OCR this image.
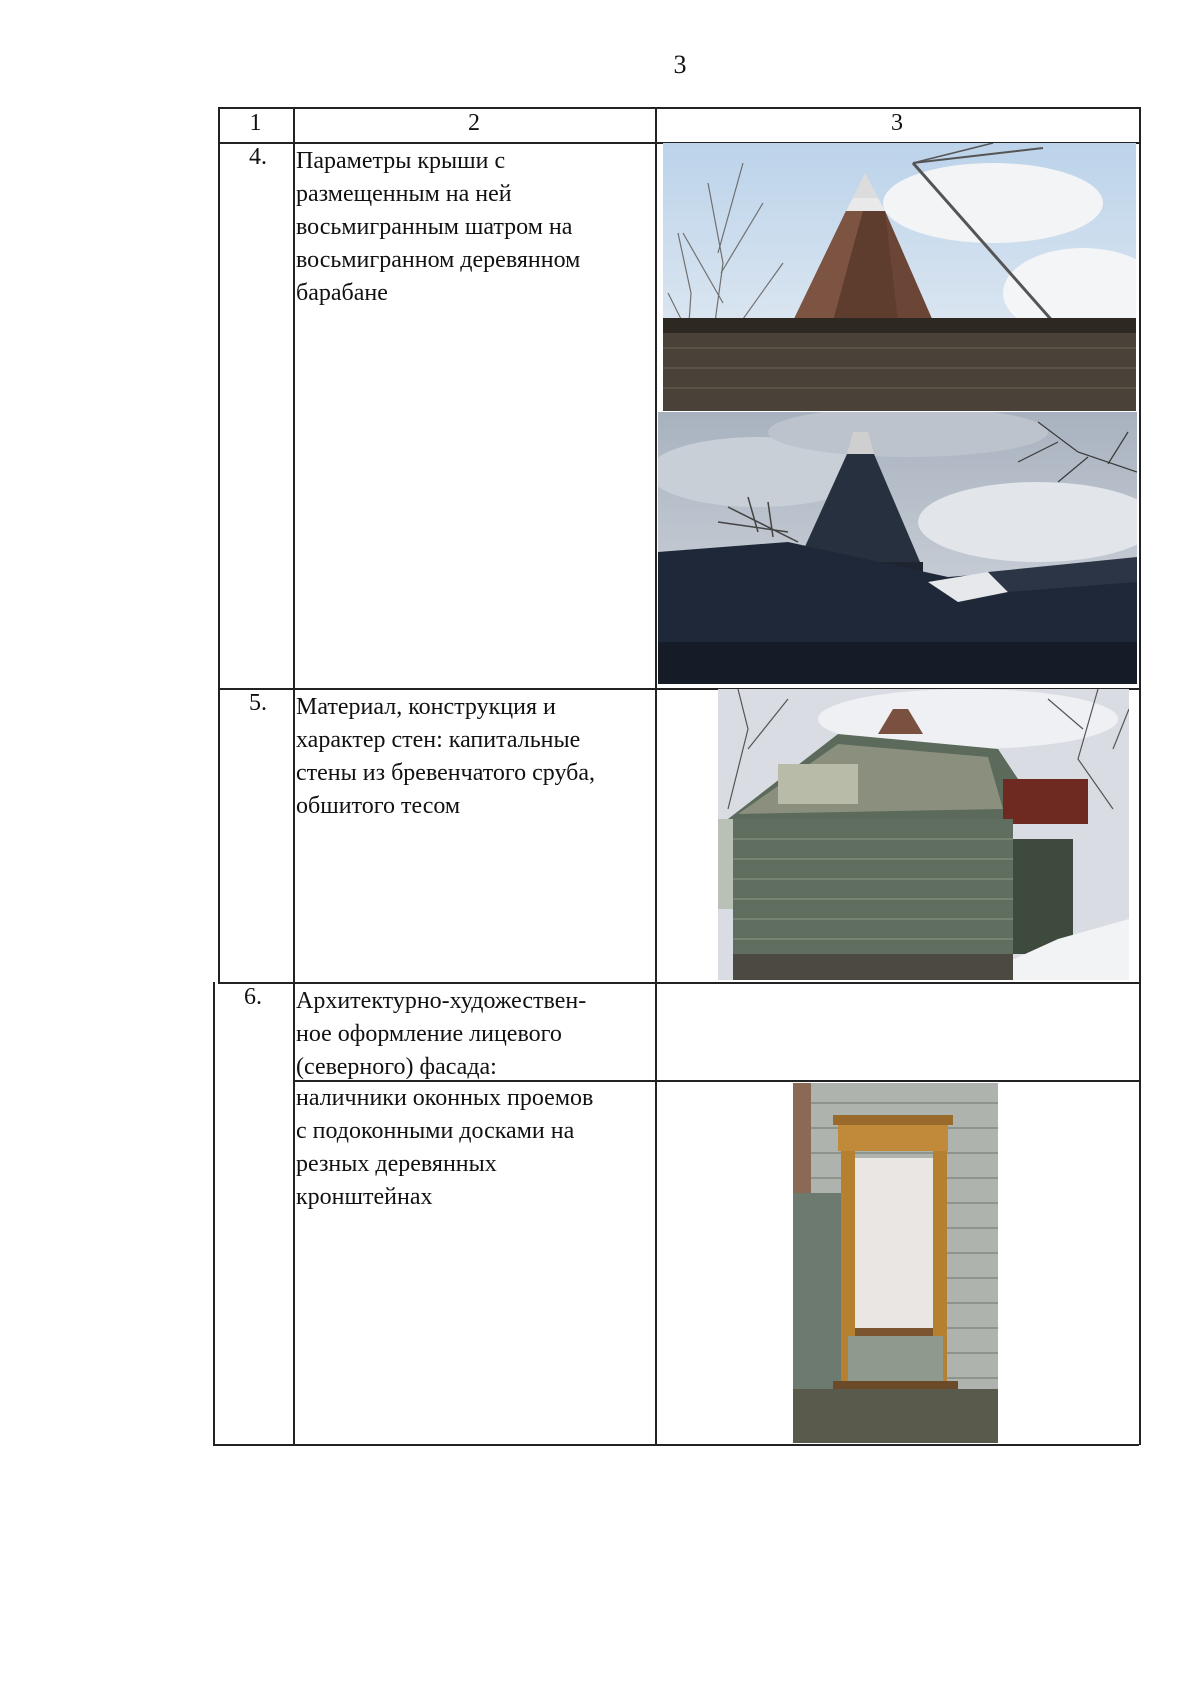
3
1	2	3
4.	Параметры крыши с
размещенным на ней
восьмигранным шатром на
восьмигранном деревянном
барабане
5.	Материал, конструкция и
характер стен: капитальные
стены из бревенчатого сруба,
обшитого тесом
6.	Архитектурно-художествен-
ное оформление лицевого
(северного) фасада:
наличники оконных проемов
с подоконными досками на
резных деревянных
кронштейнах
